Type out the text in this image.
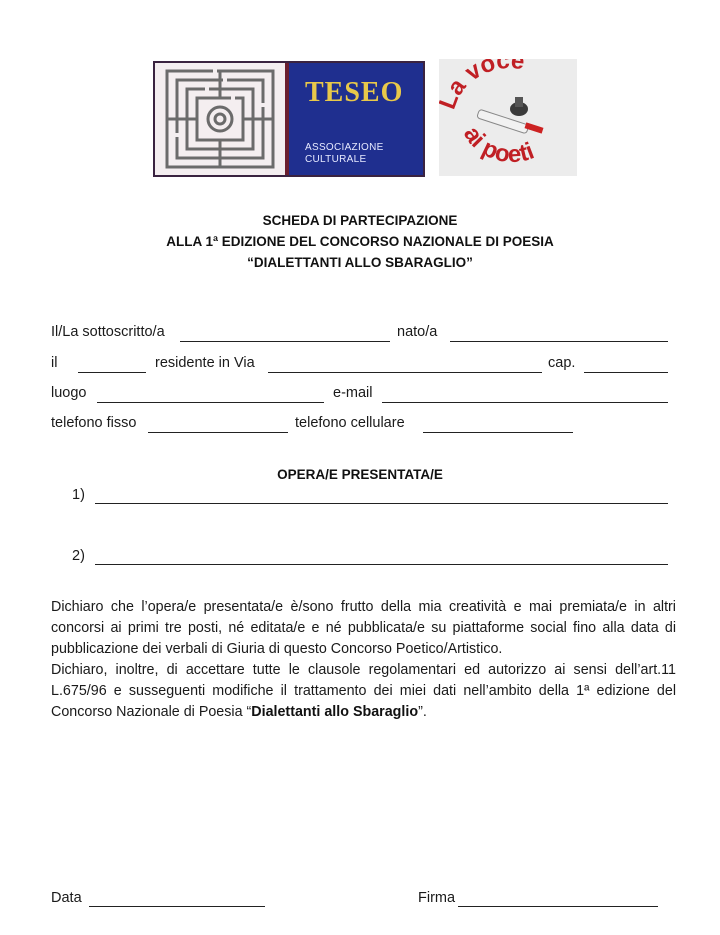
TESEO
ASSOCIAZIONE
CULTURALE
a voce
ai poeti
SCHEDA DI PARTECIPAZIONE
ALLA 1ª EDIZIONE DEL CONCORSO NAZIONALE DI POESIA
“DIALETTANTI ALLO SBARAGLIO”
Il/La sottoscritto/a	nato/a
il	residente in Via	cap.
luogo	e-mail
telefono fisso	telefono cellulare
OPERA/E PRESENTATA/E
1)
2)

Dichiaro che l’opera/e presentata/e è/sono frutto della mia creatività e mai premiata/e in altri concorsi ai primi tre posti, né editata/e e né pubblicata/e su piattaforme social fino alla data di pubblicazione dei verbali di Giuria di questo Concorso Poetico/Artistico.

Dichiaro, inoltre, di accettare tutte le clausole regolamentari ed autorizzo ai sensi dell’art.11 L.675/96 e susseguenti modifiche il trattamento dei miei dati nell’ambito della 1ª edizione del Concorso Nazionale di Poesia “Dialettanti allo Sbaraglio”.

Data	Firma
